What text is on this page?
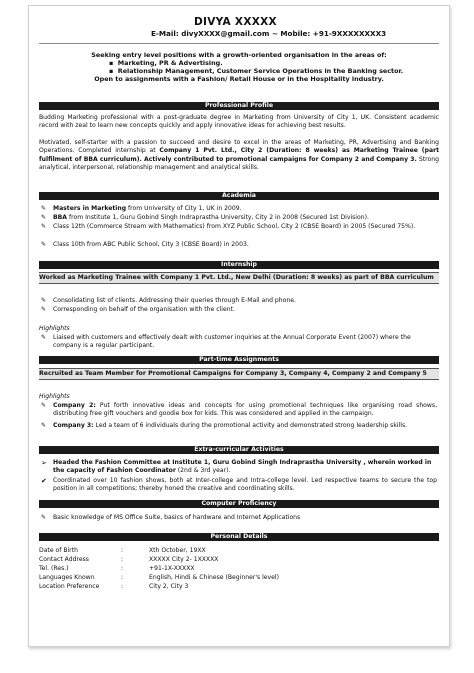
DIVYA XXXXX
E-Mail: divyXXXX@gmail.com ~ Mobile: +91-9XXXXXXXX3
Seeking entry level positions with a growth-oriented organisation in the areas of:
▪ Marketing, PR & Advertising.
▪ Relationship Management, Customer Service Operations in the Banking sector.
Open to assignments with a Fashion/ Retail House or in the Hospitality industry.
Professional Profile
Budding Marketing professional with a post-graduate degree in Marketing from University of City 1, UK. Consistent academic record with zeal to learn new concepts quickly and apply innovative ideas for achieving best results.
Motivated, self-starter with a passion to succeed and desire to excel in the areas of Marketing, PR, Advertising and Banking Operations. Completed internship at Company 1 Pvt. Ltd., City 2 (Duration: 8 weeks) as Marketing Trainee (part fulfilment of BBA curriculum). Actively contributed to promotional campaigns for Company 2 and Company 3. Strong analytical, interpersonal, relationship management and analytical skills.
Academia
✎ Masters in Marketing from University of City 1, UK in 2009.
✎ BBA from Institute 1, Guru Gobind Singh Indraprastha University, City 2 in 2008 (Secured 1st Division).
✎ Class 12th (Commerce Stream with Mathematics) from XYZ Public School, City 2 (CBSE Board) in 2005 (Secured 75%).
✎ Class 10th from ABC Public School, City 3 (CBSE Board) in 2003.
Internship
Worked as Marketing Trainee with Company 1 Pvt. Ltd., New Delhi (Duration: 8 weeks) as part of BBA curriculum
✎ Consolidating list of clients. Addressing their queries through E-Mail and phone.
✎ Corresponding on behalf of the organisation with the client.
Highlights
✎ Liaised with customers and effectively dealt with customer inquiries at the Annual Corporate Event (2007) where the company is a regular participant.
Part-time Assignments
Recruited as Team Member for Promotional Campaigns for Company 3, Company 4, Company 2 and Company 5
Highlights
✎ Company 2: Put forth innovative ideas and concepts for using promotional techniques like organising road shows, distributing free gift vouchers and goodie box for kids. This was considered and applied in the campaign.
✎ Company 3: Led a team of 6 individuals during the promotional activity and demonstrated strong leadership skills.
Extra-curricular Activities
➢ Headed the Fashion Committee at Institute 1, Guru Gobind Singh Indraprastha University , wherein worked in the capacity of Fashion Coordinator (2nd & 3rd year).
✔ Coordinated over 10 fashion shows, both at Inter-college and Intra-college level. Led respective teams to secure the top position in all competitions; thereby honed the creative and coordinating skills.
Computer Proficiency
✎ Basic knowledge of MS Office Suite, basics of hardware and Internet Applications
Personal Details
Date of Birth	:	Xth October, 19XX
Contact Address	:	XXXXX City 2- 1XXXXX
Tel. (Res.)	:	+91-1X-XXXXX
Languages Known	:	English, Hindi & Chinese (Beginner's level)
Location Preference	:	City 2, City 3
